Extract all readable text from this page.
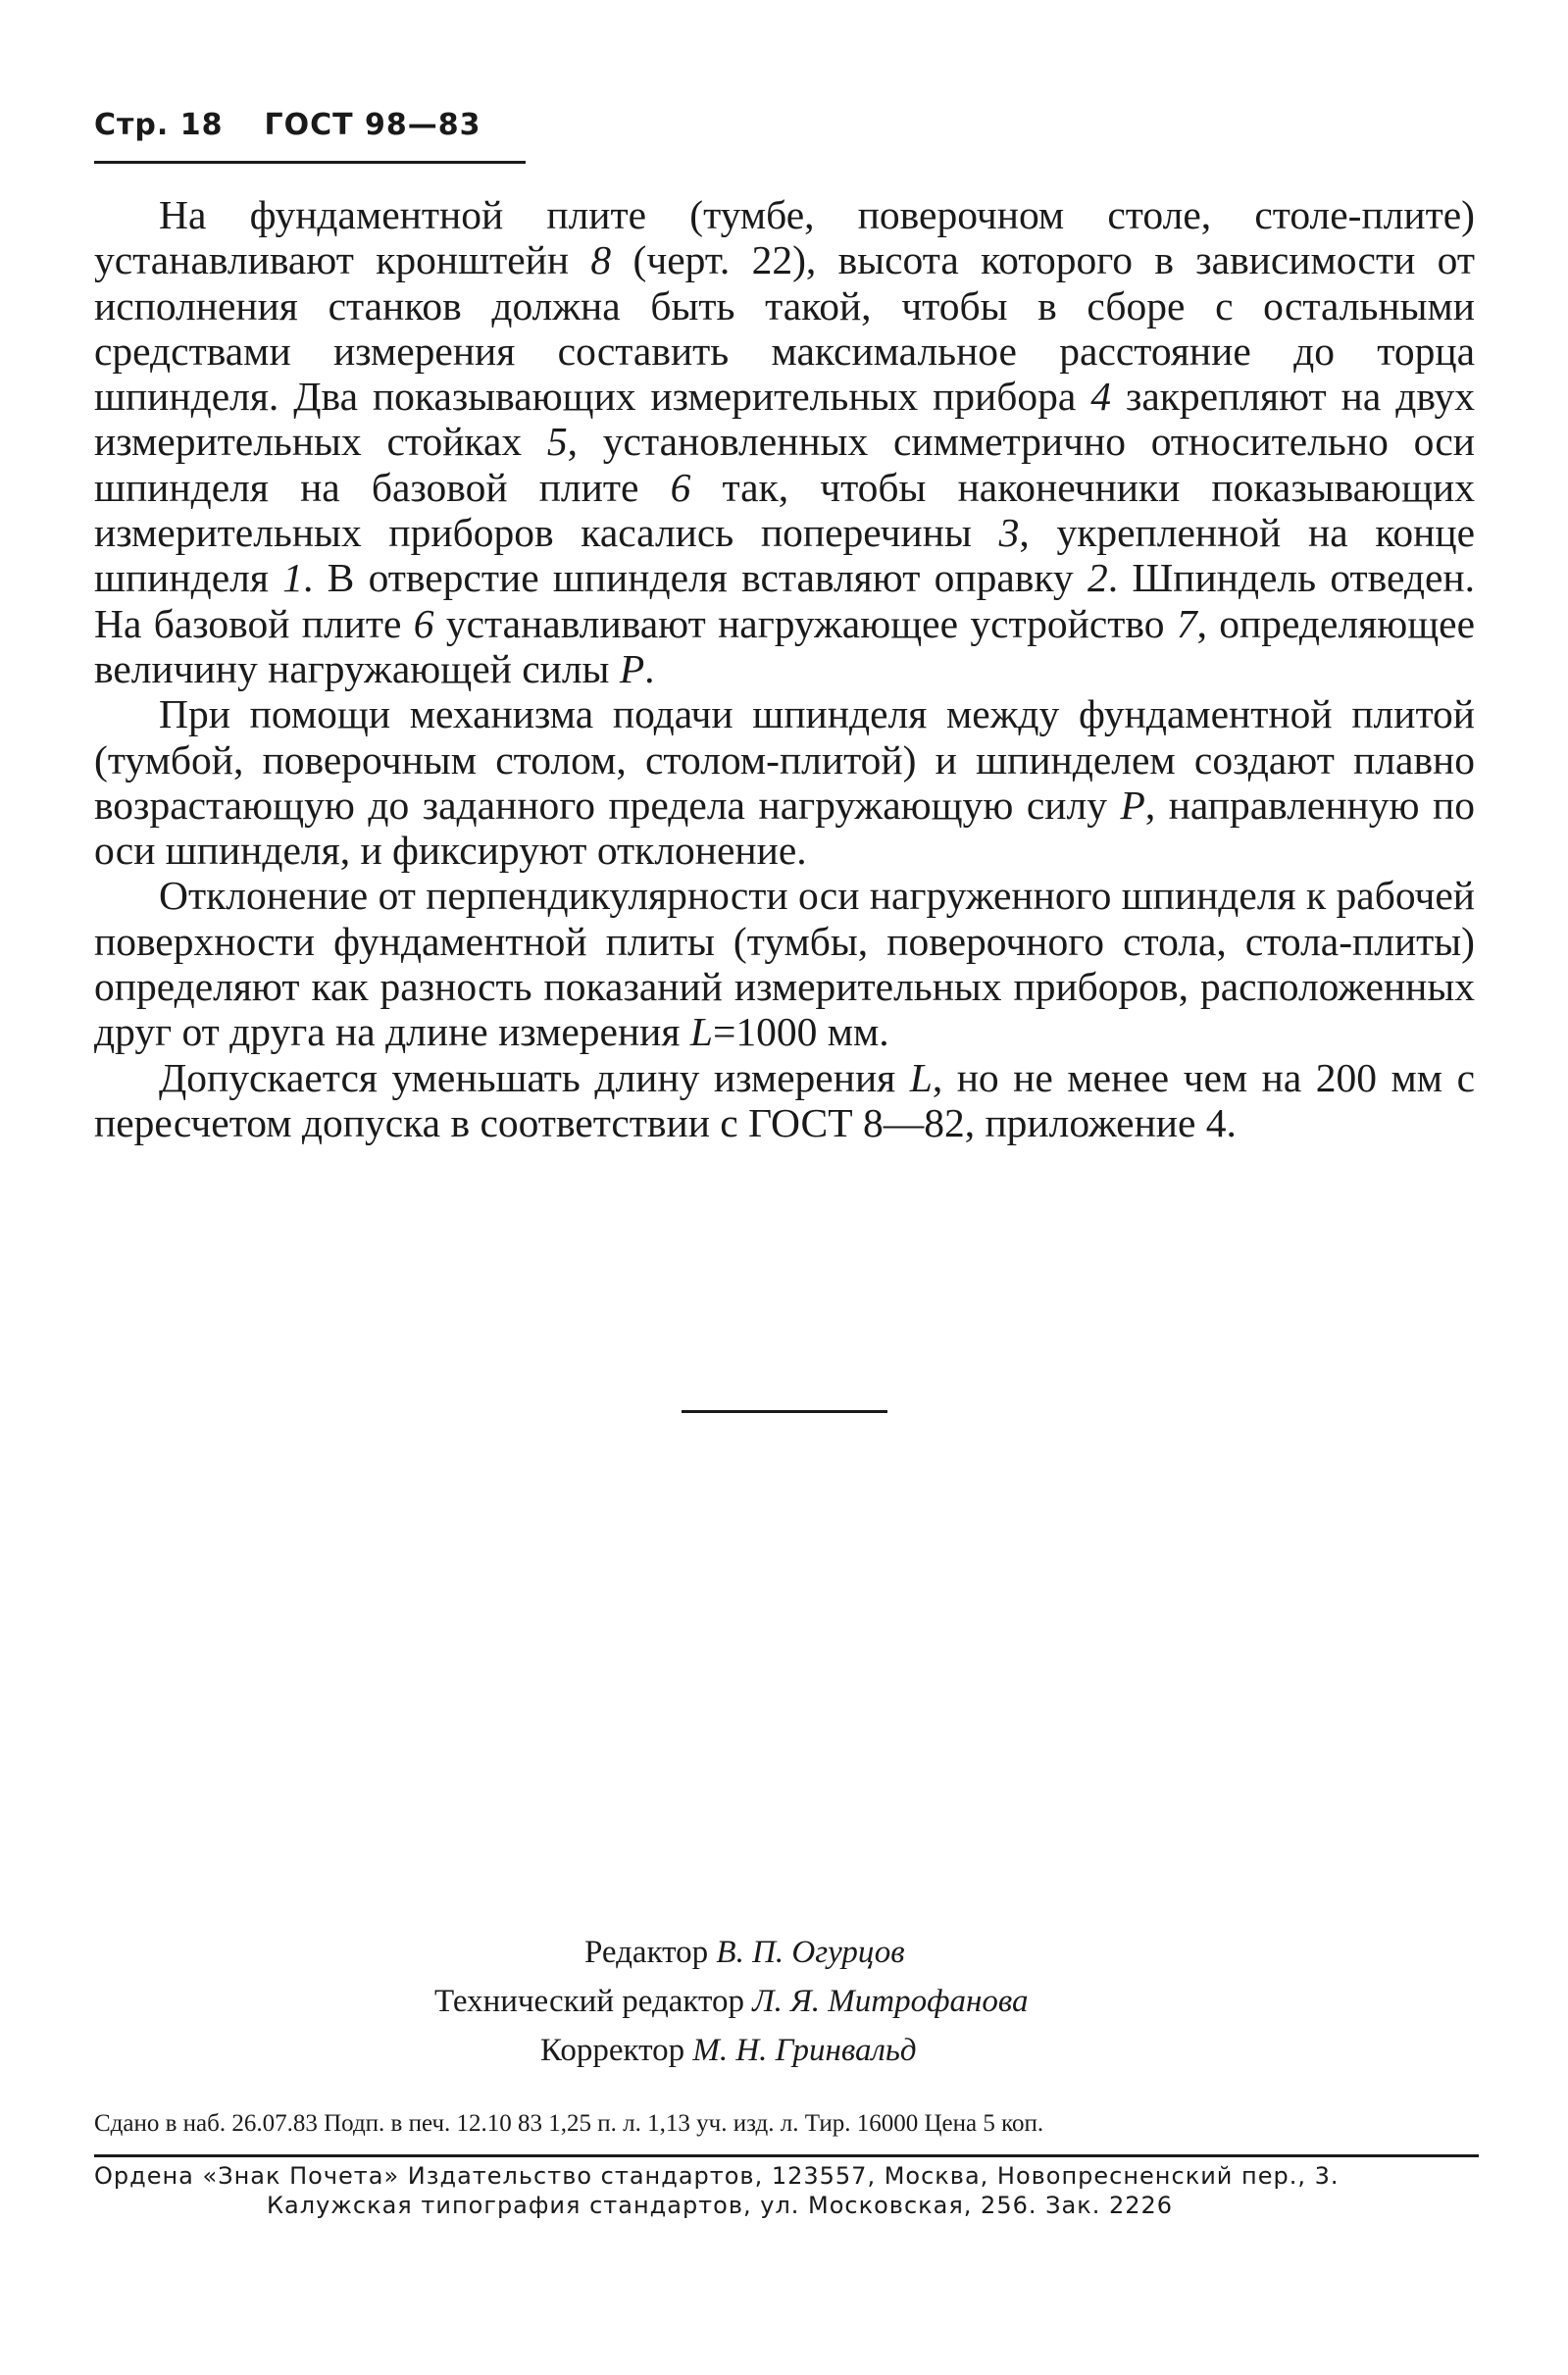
Стр. 18 ГОСТ 98—83

На фундаментной плите (тумбе, поверочном столе, столе-плите) устанавливают кронштейн 8 (черт. 22), высота которого в зависимости от исполнения станков должна быть такой, чтобы в сборе с остальными средствами измерения составить максимальное расстояние до торца шпинделя. Два показывающих измерительных прибора 4 закрепляют на двух измерительных стойках 5, установленных симметрично относительно оси шпинделя на базовой плите 6 так, чтобы наконечники показывающих измерительных приборов касались поперечины 3, укрепленной на конце шпинделя 1. В отверстие шпинделя вставляют оправку 2. Шпиндель отведен. На базовой плите 6 устанавливают нагружающее устройство 7, определяющее величину нагружающей силы P.

При помощи механизма подачи шпинделя между фундаментной плитой (тумбой, поверочным столом, столом-плитой) и шпинделем создают плавно возрастающую до заданного предела нагружающую силу P, направленную по оси шпинделя, и фиксируют отклонение.

Отклонение от перпендикулярности оси нагруженного шпинделя к рабочей поверхности фундаментной плиты (тумбы, поверочного стола, стола-плиты) определяют как разность показаний измерительных приборов, расположенных друг от друга на длине измерения L=1000 мм.

Допускается уменьшать длину измерения L, но не менее чем на 200 мм с пересчетом допуска в соответствии с ГОСТ 8—82, приложение 4.

Редактор В. П. Огурцов
Технический редактор Л. Я. Митрофанова
Корректор М. Н. Гринвальд
Сдано в наб. 26.07.83 Подп. в печ. 12.10 83 1,25 п. л. 1,13 уч. изд. л. Тир. 16000 Цена 5 коп.
Ордена «Знак Почета» Издательство стандартов, 123557, Москва, Новопресненский пер., 3.
Калужская типография стандартов, ул. Московская, 256. Зак. 2226
